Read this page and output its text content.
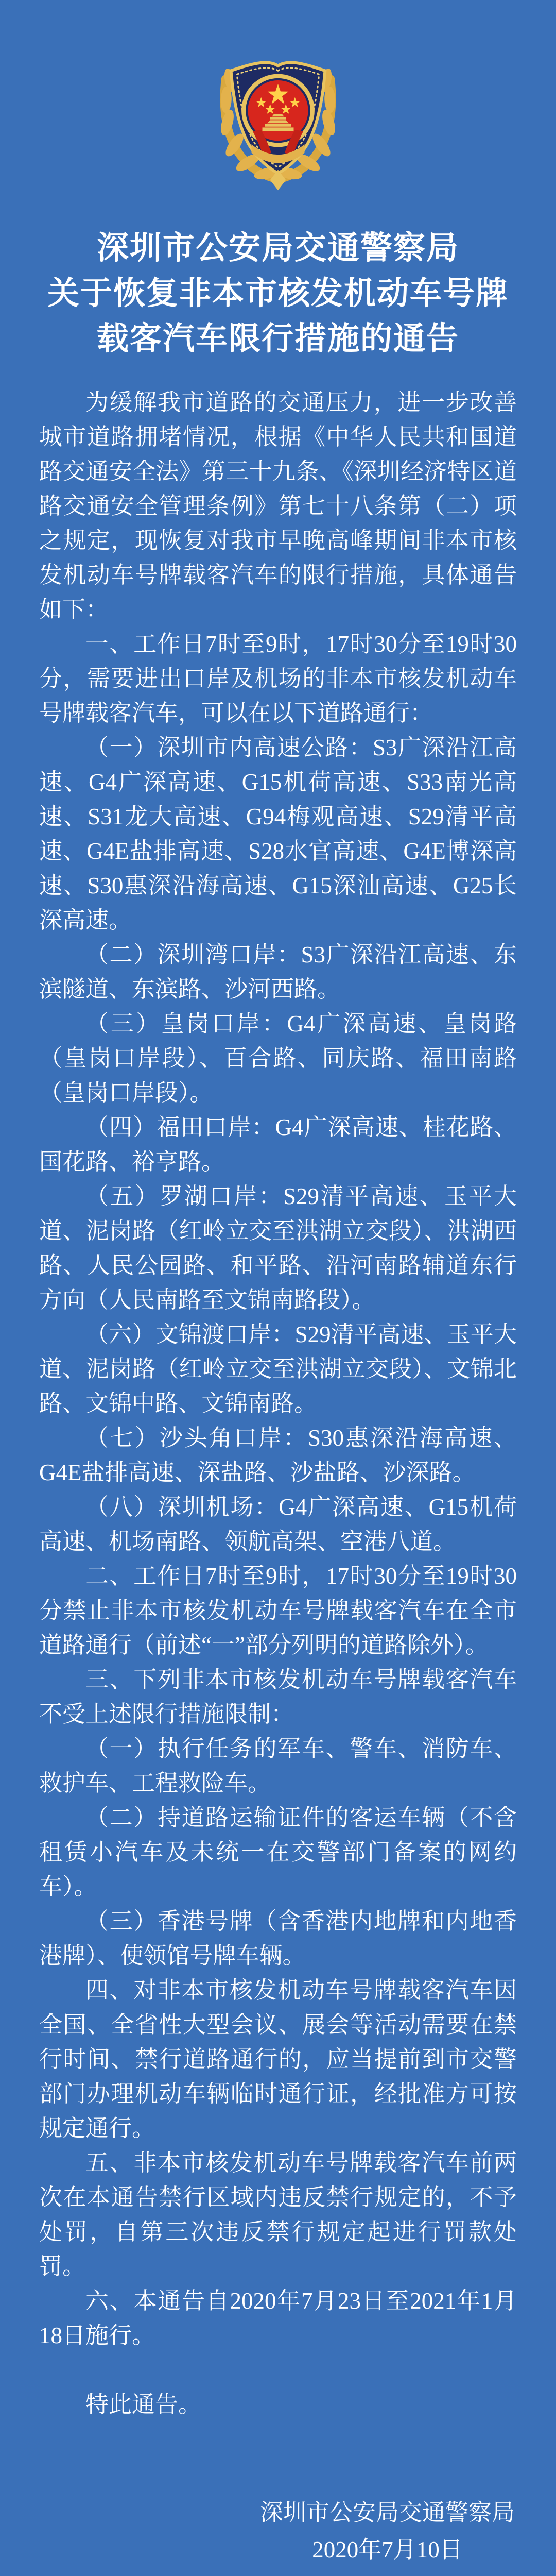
深圳市公安局交通警察局
关于恢复非本市核发机动车号牌
载客汽车限行措施的通告

为缓解我市道路的交通压力，进一步改善城市道路拥堵情况，根据《中华人民共和国道路交通安全法》第三十九条、《深圳经济特区道路交通安全管理条例》第七十八条第（二）项之规定，现恢复对我市早晚高峰期间非本市核发机动车号牌载客汽车的限行措施，具体通告如下：

一、工作日7时至9时，17时30分至19时30分，需要进出口岸及机场的非本市核发机动车号牌载客汽车，可以在以下道路通行：

（一）深圳市内高速公路：S3广深沿江高速、G4广深高速、G15机荷高速、S33南光高速、S31龙大高速、G94梅观高速、S29清平高速、G4E盐排高速、S28水官高速、G4E博深高速、S30惠深沿海高速、G15深汕高速、G25长深高速。

（二）深圳湾口岸：S3广深沿江高速、东滨隧道、东滨路、沙河西路。

（三）皇岗口岸：G4广深高速、皇岗路（皇岗口岸段）、百合路、同庆路、福田南路（皇岗口岸段）。

（四）福田口岸：G4广深高速、桂花路、国花路、裕亨路。

（五）罗湖口岸：S29清平高速、玉平大道、泥岗路（红岭立交至洪湖立交段）、洪湖西路、人民公园路、和平路、沿河南路辅道东行方向（人民南路至文锦南路段）。

（六）文锦渡口岸：S29清平高速、玉平大道、泥岗路（红岭立交至洪湖立交段）、文锦北路、文锦中路、文锦南路。

（七）沙头角口岸：S30惠深沿海高速、G4E盐排高速、深盐路、沙盐路、沙深路。

（八）深圳机场：G4广深高速、G15机荷高速、机场南路、领航高架、空港八道。

二、工作日7时至9时，17时30分至19时30分禁止非本市核发机动车号牌载客汽车在全市道路通行（前述“一”部分列明的道路除外）。

三、下列非本市核发机动车号牌载客汽车不受上述限行措施限制：

（一）执行任务的军车、警车、消防车、救护车、工程救险车。

（二）持道路运输证件的客运车辆（不含租赁小汽车及未统一在交警部门备案的网约车）。

（三）香港号牌（含香港内地牌和内地香港牌）、使领馆号牌车辆。

四、对非本市核发机动车号牌载客汽车因全国、全省性大型会议、展会等活动需要在禁行时间、禁行道路通行的，应当提前到市交警部门办理机动车辆临时通行证，经批准方可按规定通行。

五、非本市核发机动车号牌载客汽车前两次在本通告禁行区域内违反禁行规定的，不予处罚，自第三次违反禁行规定起进行罚款处罚。

六、本通告自2020年7月23日至2021年1月18日施行。

特此通告。

深圳市公安局交通警察局
2020年7月10日
